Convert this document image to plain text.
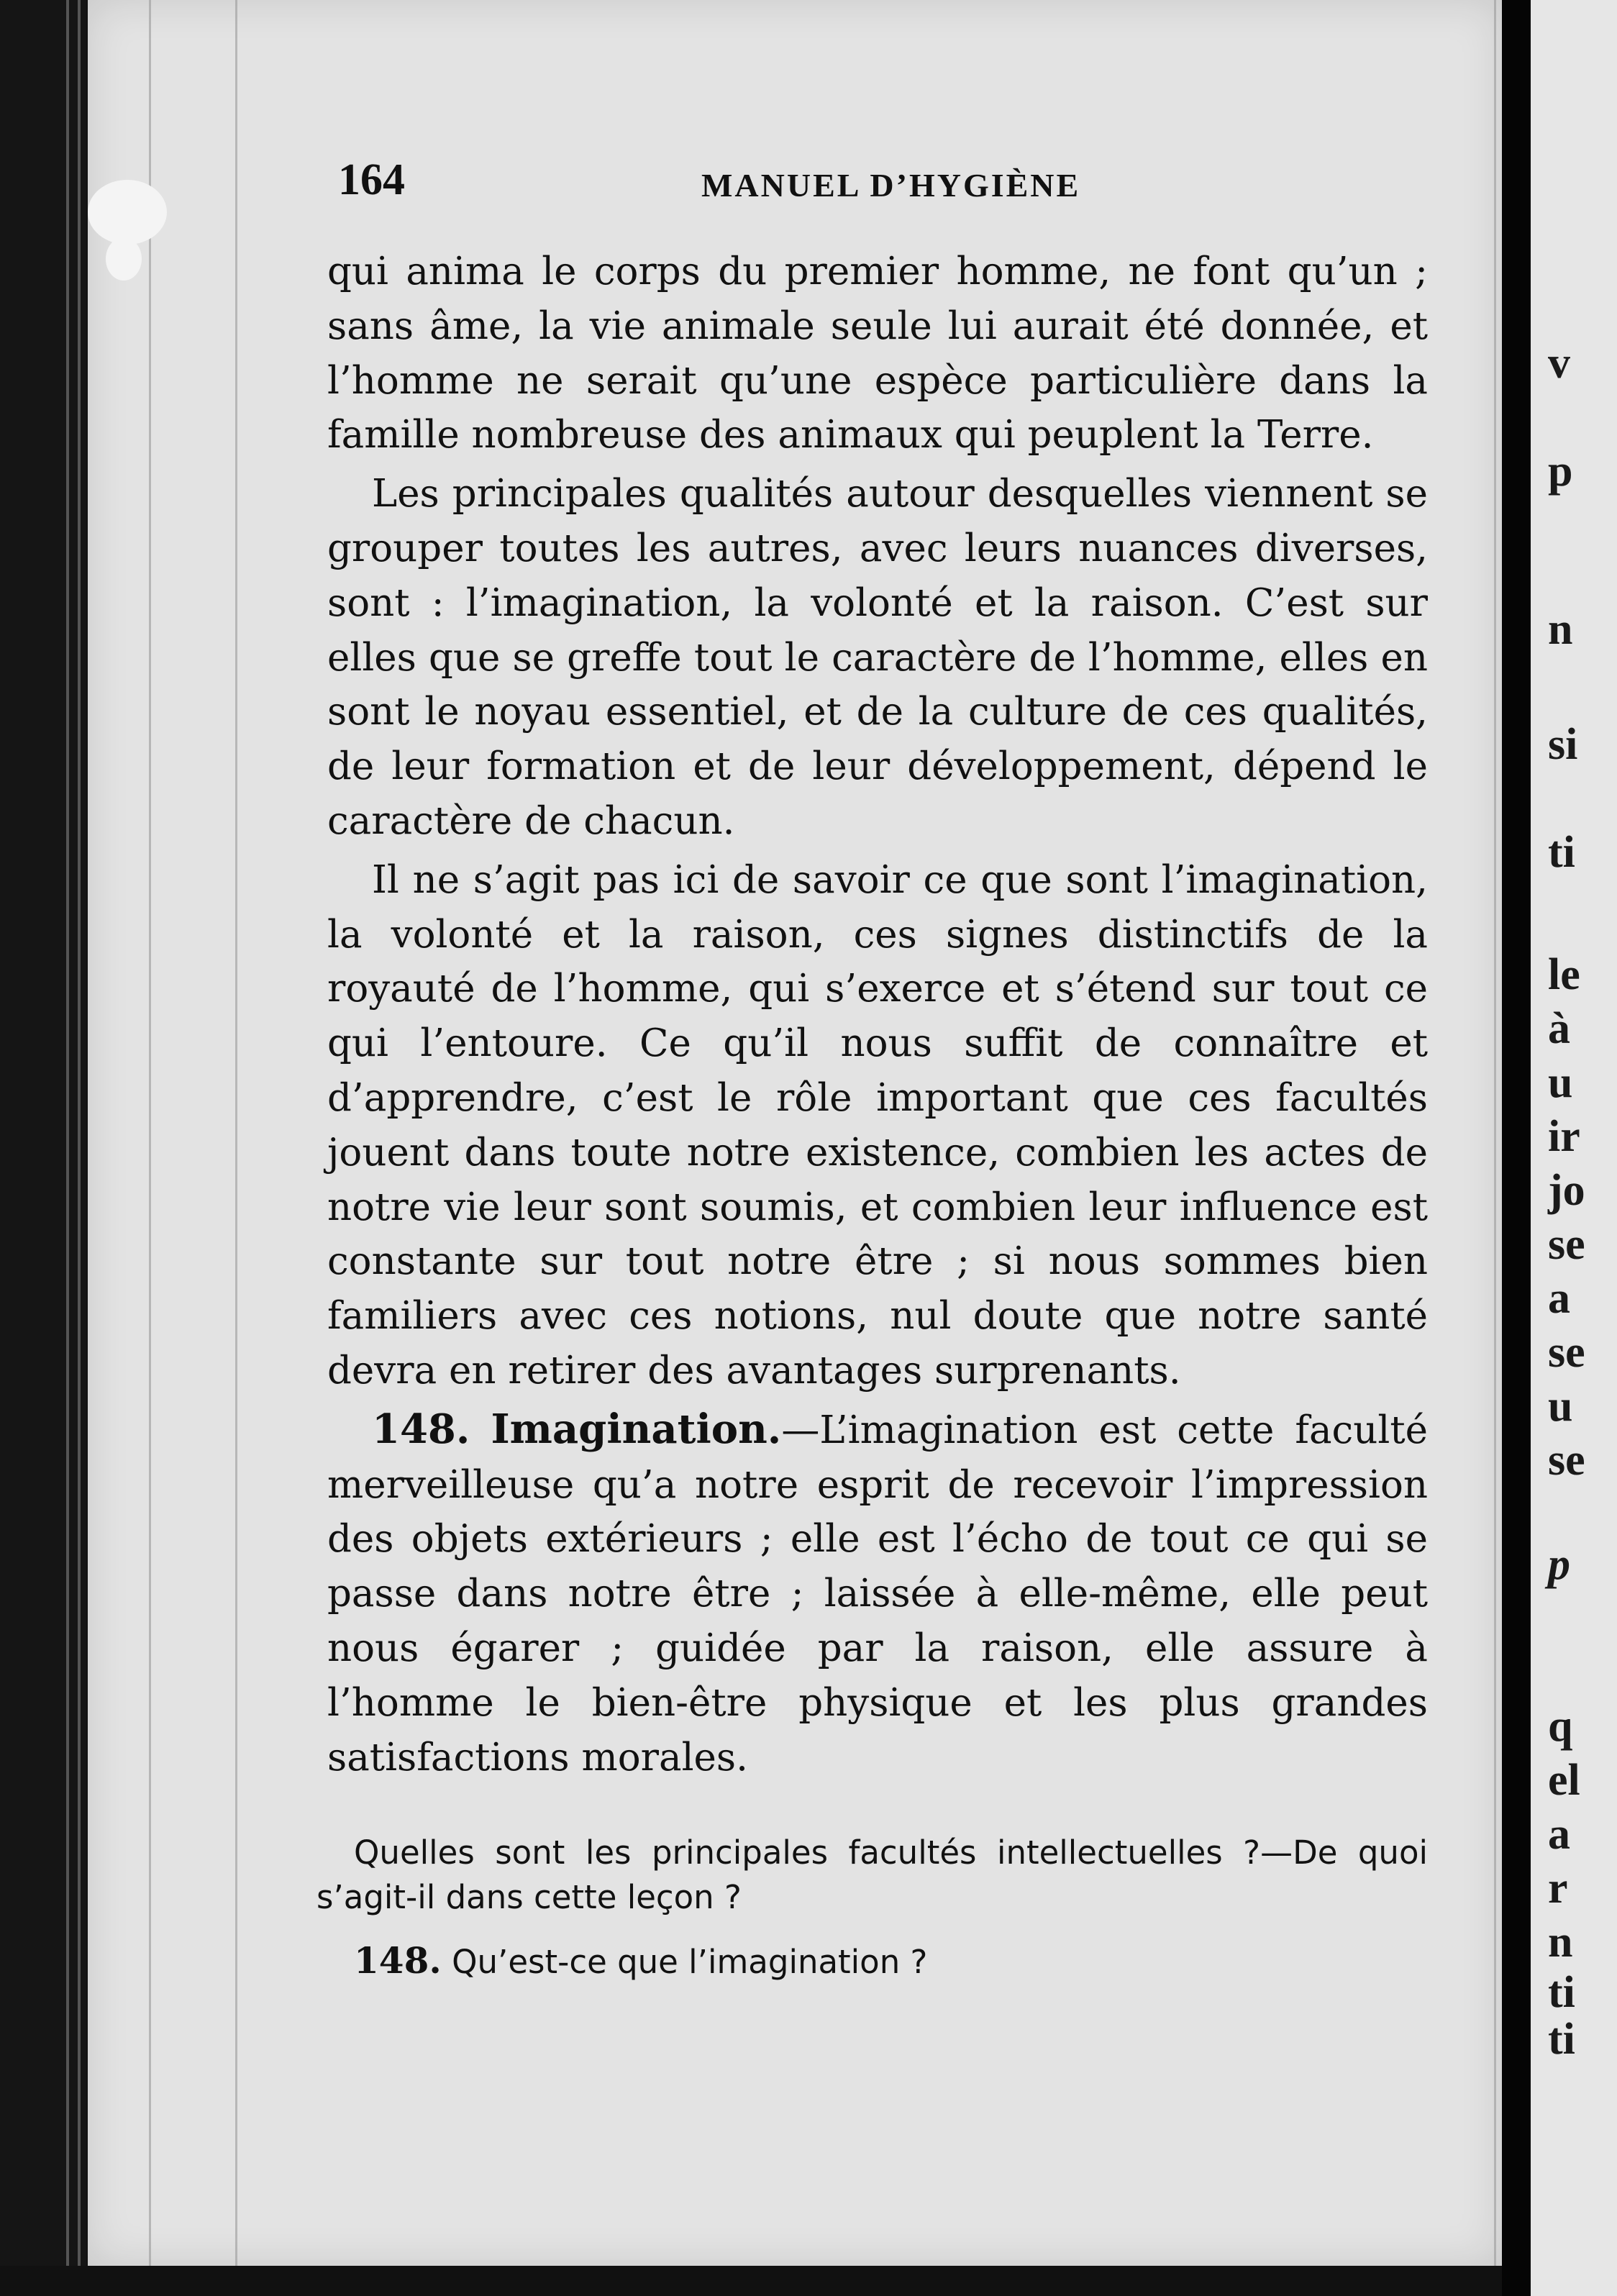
v
p
n
si
ti
le
à
u
ir
jo
se
a
se
u
se
p
q
el
a
r
n
ti
ti
164	MANUEL D’HYGIÈNE

qui anima le corps du premier homme, ne font qu’un ; sans âme, la vie animale seule lui aurait été donnée, et l’homme ne serait qu’une espèce particulière dans la famille nombreuse des animaux qui peuplent la Terre.

Les principales qualités autour desquelles viennent se grouper toutes les autres, avec leurs nuances diverses, sont : l’imagination, la volonté et la raison. C’est sur elles que se greffe tout le caractère de l’homme, elles en sont le noyau essentiel, et de la culture de ces qualités, de leur formation et de leur développement, dépend le caractère de chacun.

Il ne s’agit pas ici de savoir ce que sont l’imagination, la volonté et la raison, ces signes distinctifs de la royauté de l’homme, qui s’exerce et s’étend sur tout ce qui l’entoure. Ce qu’il nous suffit de connaître et d’apprendre, c’est le rôle important que ces facultés jouent dans toute notre existence, combien les actes de notre vie leur sont soumis, et combien leur influence est constante sur tout notre être ; si nous sommes bien familiers avec ces notions, nul doute que notre santé devra en retirer des avantages surprenants.

148. Imagination.—L’imagination est cette faculté merveilleuse qu’a notre esprit de recevoir l’impression des objets extérieurs ; elle est l’écho de tout ce qui se passe dans notre être ; laissée à elle-même, elle peut nous égarer ; guidée par la raison, elle assure à l’homme le bien-être physique et les plus grandes satisfactions morales.

Quelles sont les principales facultés intellectuelles ?—De quoi s’agit-il dans cette leçon ?

148. Qu’est-ce que l’imagination ?
